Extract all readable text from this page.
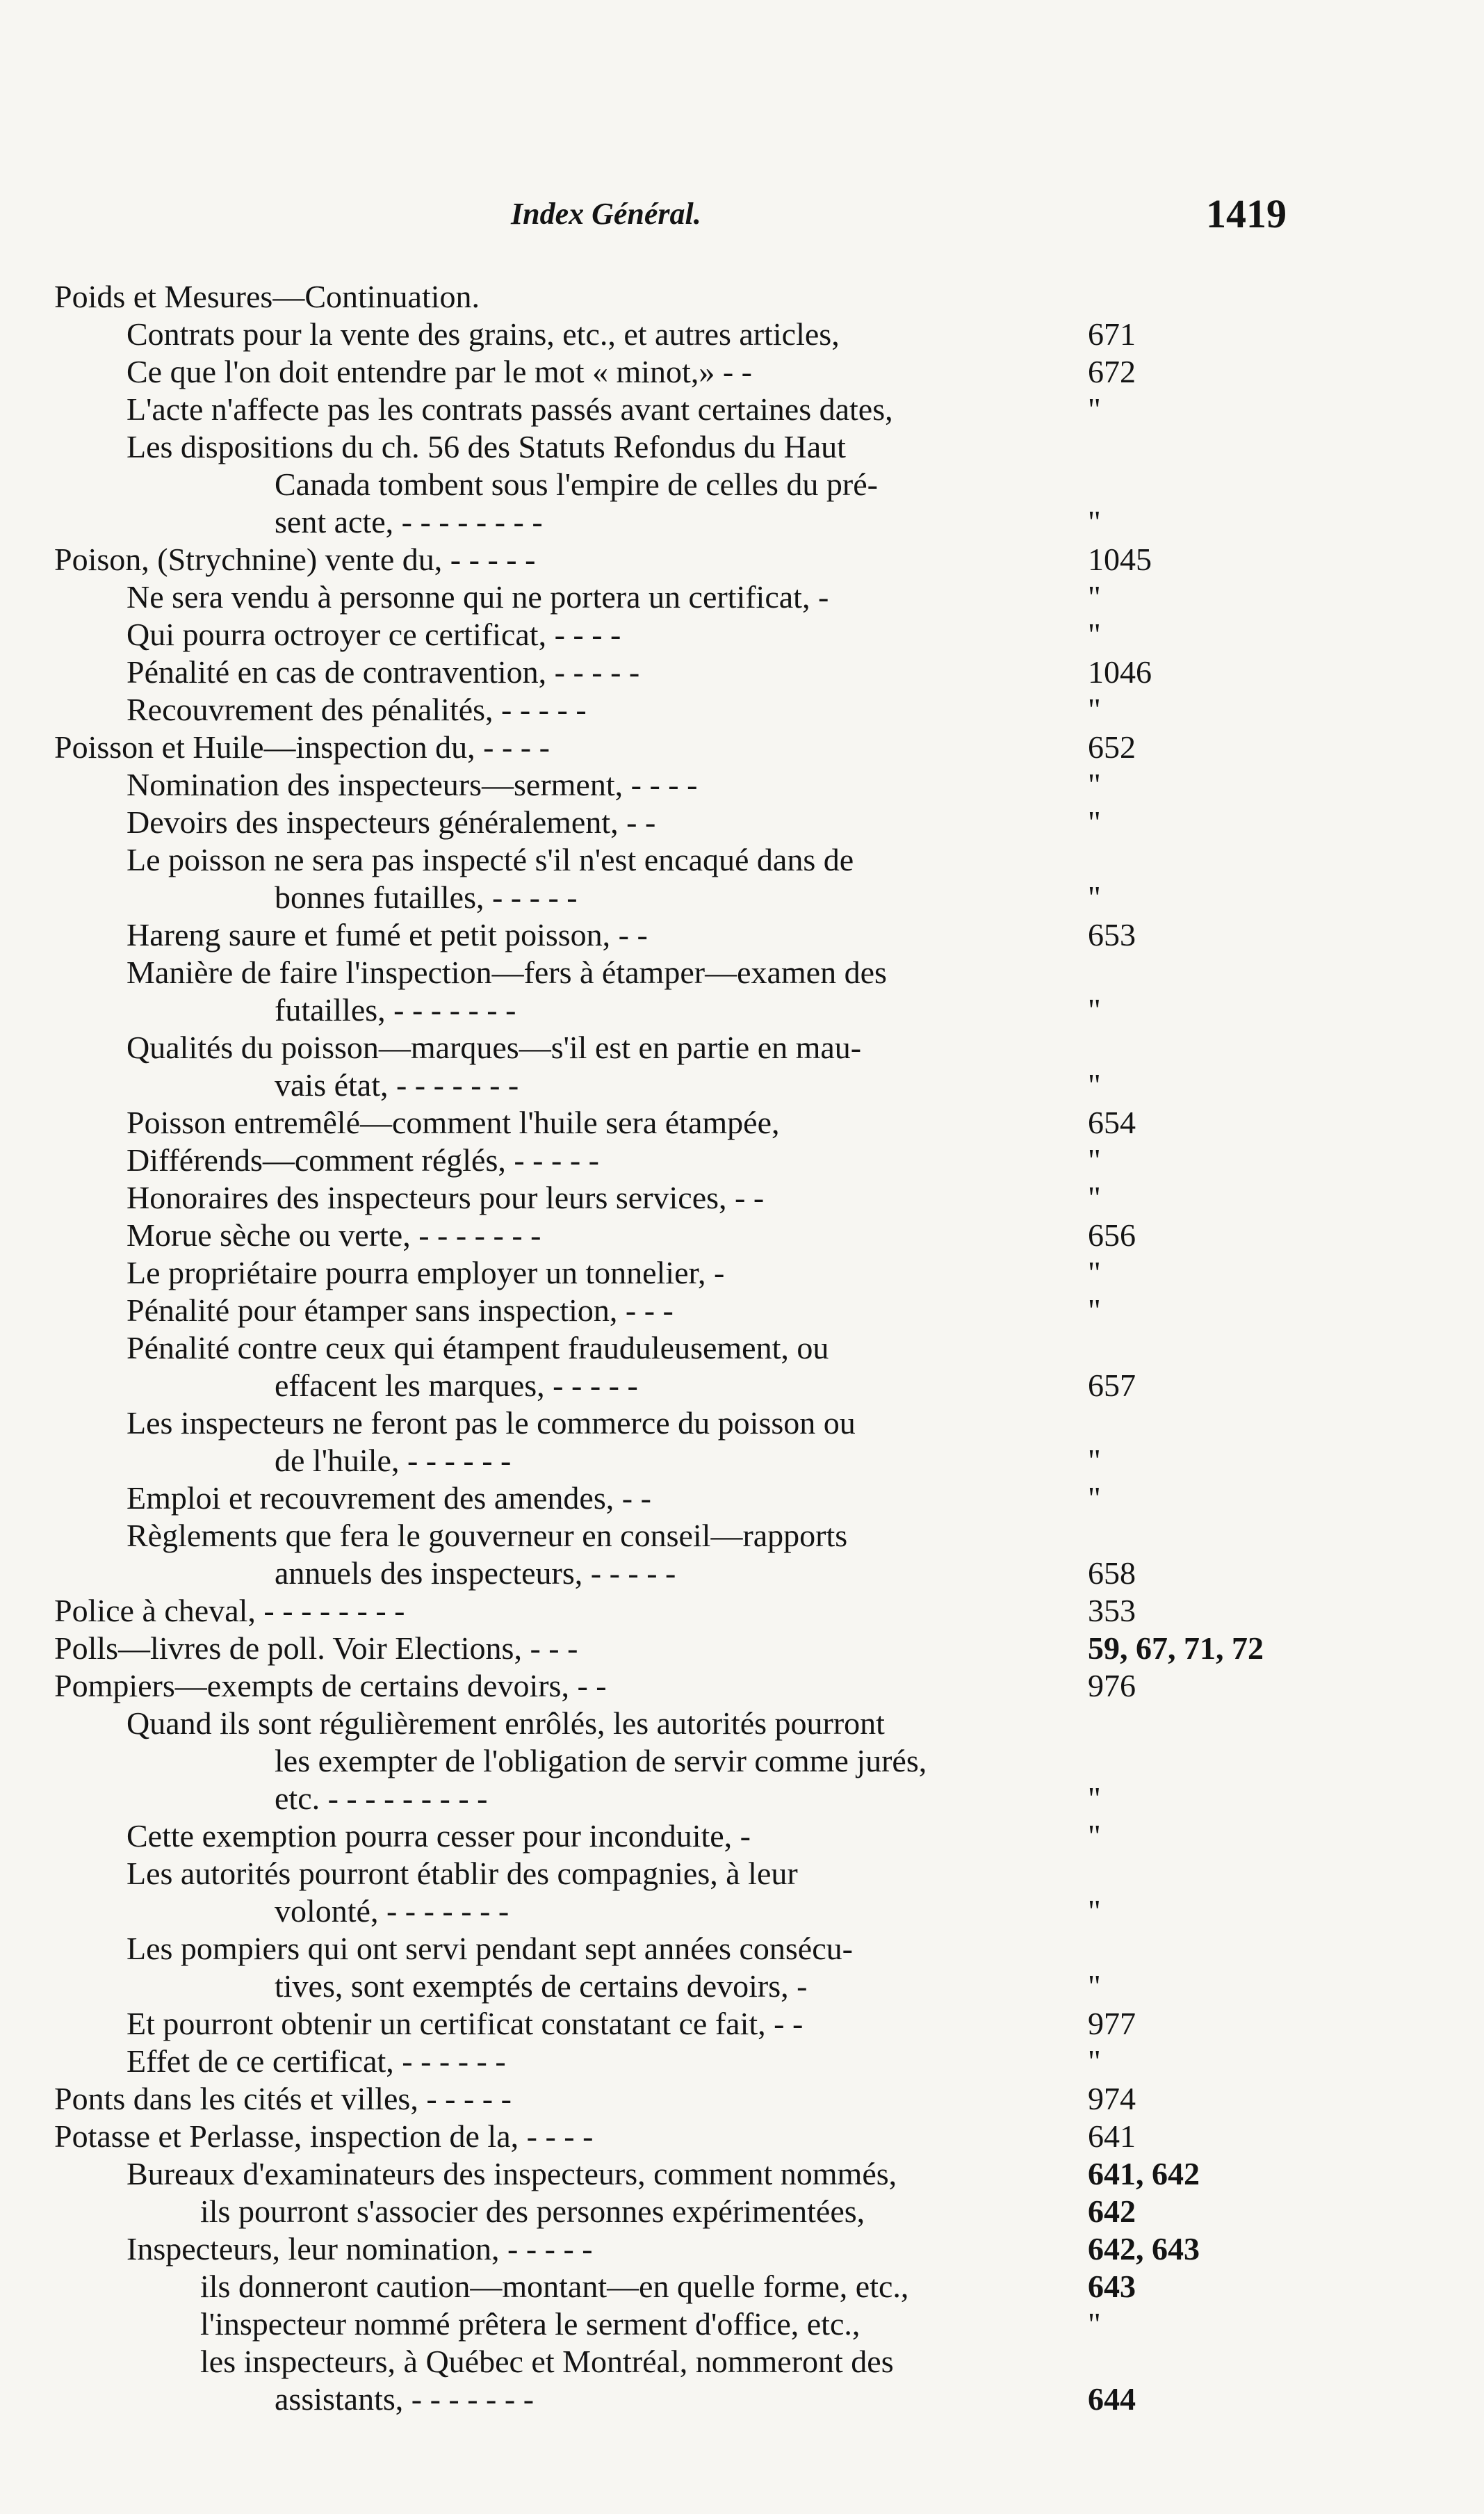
Index Général.	1419
Poids et Mesures—Continuation.
Contrats pour la vente des grains, etc., et autres articles,	671
Ce que l'on doit entendre par le mot « minot,» - -	672
L'acte n'affecte pas les contrats passés avant certaines dates,	"
Les dispositions du ch. 56 des Statuts Refondus du Haut
Canada tombent sous l'empire de celles du pré-
sent acte, - - - - - - - -	"
Poison, (Strychnine) vente du, - - - - -	1045
Ne sera vendu à personne qui ne portera un certificat, -	"
Qui pourra octroyer ce certificat, - - - -	"
Pénalité en cas de contravention, - - - - -	1046
Recouvrement des pénalités, - - - - -	"
Poisson et Huile—inspection du, - - - -	652
Nomination des inspecteurs—serment, - - - -	"
Devoirs des inspecteurs généralement, - -	"
Le poisson ne sera pas inspecté s'il n'est encaqué dans de
bonnes futailles, - - - - -	"
Hareng saure et fumé et petit poisson, - -	653
Manière de faire l'inspection—fers à étamper—examen des
futailles, - - - - - - -	"
Qualités du poisson—marques—s'il est en partie en mau-
vais état, - - - - - - -	"
Poisson entremêlé—comment l'huile sera étampée,	654
Différends—comment réglés, - - - - -	"
Honoraires des inspecteurs pour leurs services, - -	"
Morue sèche ou verte, - - - - - - -	656
Le propriétaire pourra employer un tonnelier, -	"
Pénalité pour étamper sans inspection, - - -	"
Pénalité contre ceux qui étampent frauduleusement, ou
effacent les marques, - - - - -	657
Les inspecteurs ne feront pas le commerce du poisson ou
de l'huile, - - - - - -	"
Emploi et recouvrement des amendes, - -	"
Règlements que fera le gouverneur en conseil—rapports
annuels des inspecteurs, - - - - -	658
Police à cheval, - - - - - - - -	353
Polls—livres de poll. Voir Elections, - - -	59, 67, 71, 72
Pompiers—exempts de certains devoirs, - -	976
Quand ils sont régulièrement enrôlés, les autorités pourront
les exempter de l'obligation de servir comme jurés,
etc. - - - - - - - - -	"
Cette exemption pourra cesser pour inconduite, -	"
Les autorités pourront établir des compagnies, à leur
volonté, - - - - - - -	"
Les pompiers qui ont servi pendant sept années consécu-
tives, sont exemptés de certains devoirs, -	"
Et pourront obtenir un certificat constatant ce fait, - -	977
Effet de ce certificat, - - - - - -	"
Ponts dans les cités et villes, - - - - -	974
Potasse et Perlasse, inspection de la, - - - -	641
Bureaux d'examinateurs des inspecteurs, comment nommés,	641, 642
ils pourront s'associer des personnes expérimentées,	642
Inspecteurs, leur nomination, - - - - -	642, 643
ils donneront caution—montant—en quelle forme, etc.,	643
l'inspecteur nommé prêtera le serment d'office, etc.,	"
les inspecteurs, à Québec et Montréal, nommeront des
assistants, - - - - - - -	644
